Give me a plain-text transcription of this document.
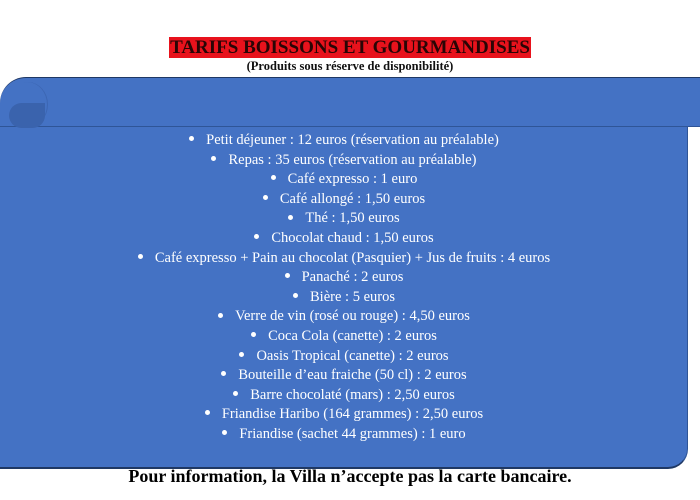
TARIFS BOISSONS ET GOURMANDISES
(Produits sous réserve de disponibilité)
Petit déjeuner : 12 euros (réservation au préalable)
Repas : 35 euros (réservation au préalable)
Café expresso : 1 euro
Café allongé : 1,50 euros
Thé : 1,50 euros
Chocolat chaud : 1,50 euros
Café expresso + Pain au chocolat (Pasquier) + Jus de fruits : 4 euros
Panaché : 2 euros
Bière : 5 euros
Verre de vin (rosé ou rouge) : 4,50 euros
Coca Cola (canette) : 2 euros
Oasis Tropical (canette) : 2 euros
Bouteille d’eau fraiche (50 cl) : 2 euros
Barre chocolaté (mars) : 2,50 euros
Friandise Haribo (164 grammes) : 2,50 euros
Friandise (sachet 44 grammes) : 1 euro
Pour information, la Villa n’accepte pas la carte bancaire.
